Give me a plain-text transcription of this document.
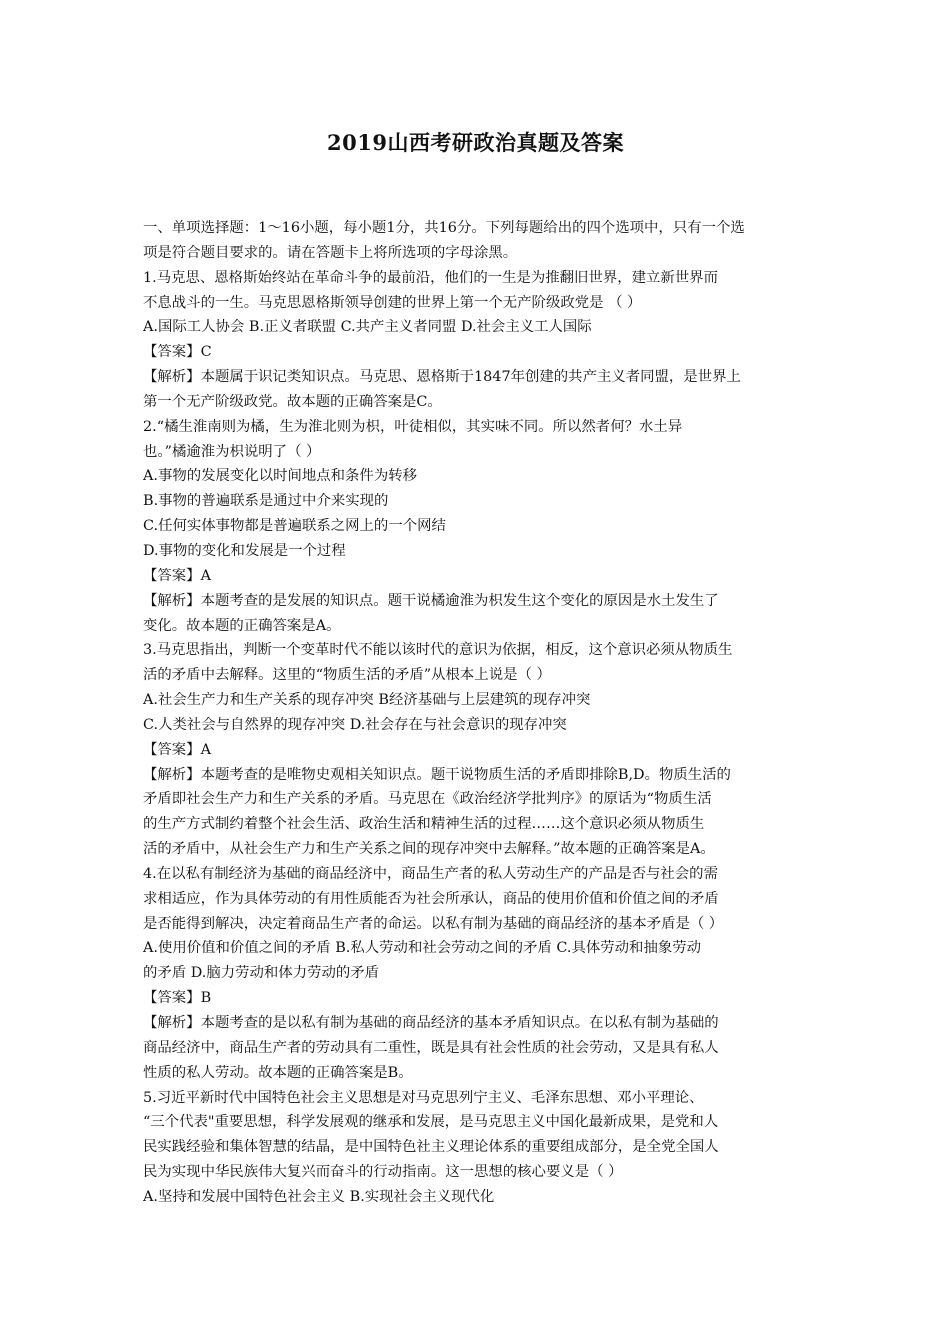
2019山西考研政治真题及答案
一、单项选择题：1～16小题，每小题1分，共16分。下列每题给出的四个选项中，只有一个选
项是符合题目要求的。请在答题卡上将所选项的字母涂黑。
1.马克思、恩格斯始终站在革命斗争的最前沿，他们的一生是为推翻旧世界，建立新世界而
不息战斗的一生。马克思恩格斯领导创建的世界上第一个无产阶级政党是 （ ）
A.国际工人协会 B.正义者联盟 C.共产主义者同盟 D.社会主义工人国际
【答案】C
【解析】本题属于识记类知识点。马克思、恩格斯于1847年创建的共产主义者同盟，是世界上
第一个无产阶级政党。故本题的正确答案是C。
2.“橘生淮南则为橘，生为淮北则为枳，叶徒相似，其实味不同。所以然者何？水土异
也。”橘逾淮为枳说明了（ ）
A.事物的发展变化以时间地点和条件为转移
B.事物的普遍联系是通过中介来实现的
C.任何实体事物都是普遍联系之网上的一个网结
D.事物的变化和发展是一个过程
【答案】A
【解析】本题考查的是发展的知识点。题干说橘逾淮为枳发生这个变化的原因是水土发生了
变化。故本题的正确答案是A。
3.马克思指出，判断一个变革时代不能以该时代的意识为依据，相反，这个意识必须从物质生
活的矛盾中去解释。这里的“物质生活的矛盾”从根本上说是（ ）
A.社会生产力和生产关系的现存冲突 B经济基础与上层建筑的现存冲突
C.人类社会与自然界的现存冲突 D.社会存在与社会意识的现存冲突
【答案】A
【解析】本题考查的是唯物史观相关知识点。题干说物质生活的矛盾即排除B,D。物质生活的
矛盾即社会生产力和生产关系的矛盾。马克思在《政治经济学批判序》的原话为“物质生活
的生产方式制约着整个社会生活、政治生活和精神生活的过程……这个意识必须从物质生
活的矛盾中，从社会生产力和生产关系之间的现存冲突中去解释。”故本题的正确答案是A。
4.在以私有制经济为基础的商品经济中，商品生产者的私人劳动生产的产品是否与社会的需
求相适应，作为具体劳动的有用性质能否为社会所承认，商品的使用价值和价值之间的矛盾
是否能得到解决，决定着商品生产者的命运。以私有制为基础的商品经济的基本矛盾是（ ）
A.使用价值和价值之间的矛盾 B.私人劳动和社会劳动之间的矛盾 C.具体劳动和抽象劳动
的矛盾 D.脑力劳动和体力劳动的矛盾
【答案】B
【解析】本题考查的是以私有制为基础的商品经济的基本矛盾知识点。在以私有制为基础的
商品经济中，商品生产者的劳动具有二重性，既是具有社会性质的社会劳动，又是具有私人
性质的私人劳动。故本题的正确答案是B。
5.习近平新时代中国特色社会主义思想是对马克思列宁主义、毛泽东思想、邓小平理论、
“三个代表"重要思想，科学发展观的继承和发展，是马克思主义中国化最新成果，是党和人
民实践经验和集体智慧的结晶，是中国特色社主义理论体系的重要组成部分，是全党全国人
民为实现中华民族伟大复兴而奋斗的行动指南。这一思想的核心要义是（ ）
A.坚持和发展中国特色社会主义 B.实现社会主义现代化
